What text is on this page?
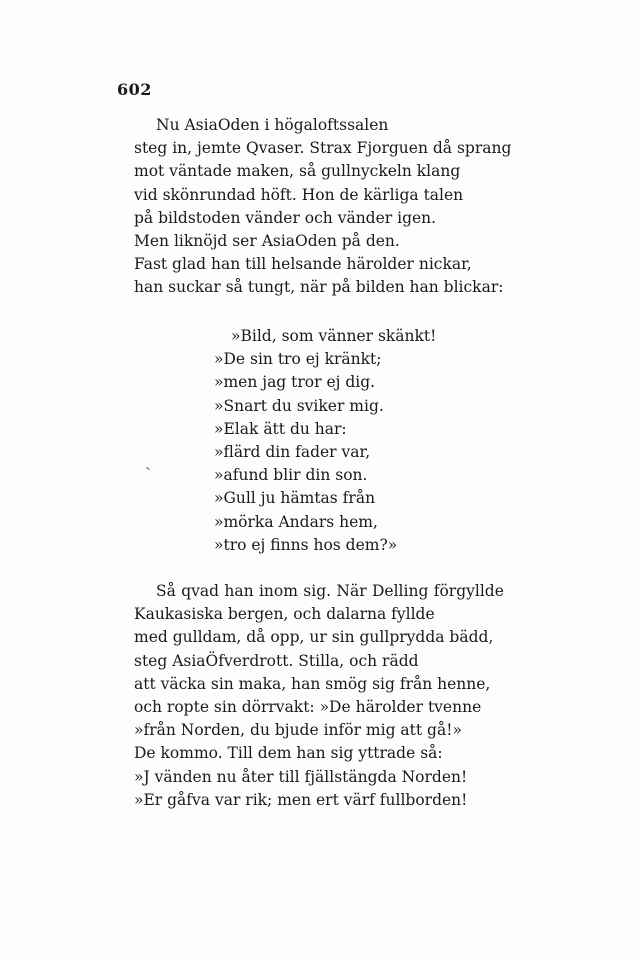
602
Nu AsiaOden i högaloftssalen
steg in, jemte Qvaser. Strax Fjorguen då sprang
mot väntade maken, så gullnyckeln klang
vid skönrundad höft. Hon de kärliga talen
på bildstoden vänder och vänder igen.
Men liknöjd ser AsiaOden på den.
Fast glad han till helsande härolder nickar,
han suckar så tungt, när på bilden han blickar:
»Bild, som vänner skänkt!
»De sin tro ej kränkt;
»men jag tror ej dig.
»Snart du sviker mig.
»Elak ätt du har:
»flärd din fader var,
»afund blir din son.
»Gull ju hämtas från
»mörka Andars hem,
»tro ej finns hos dem?»
Så qvad han inom sig. När Delling förgyllde
Kaukasiska bergen, och dalarna fyllde
med gulldam, då opp, ur sin gullprydda bädd,
steg AsiaÖfverdrott. Stilla, och rädd
att väcka sin maka, han smög sig från henne,
och ropte sin dörrvakt: »De härolder tvenne
»från Norden, du bjude inför mig att gå!»
De kommo. Till dem han sig yttrade så:
»J vänden nu åter till fjällstängda Norden!
»Er gåfva var rik; men ert värf fullborden!
